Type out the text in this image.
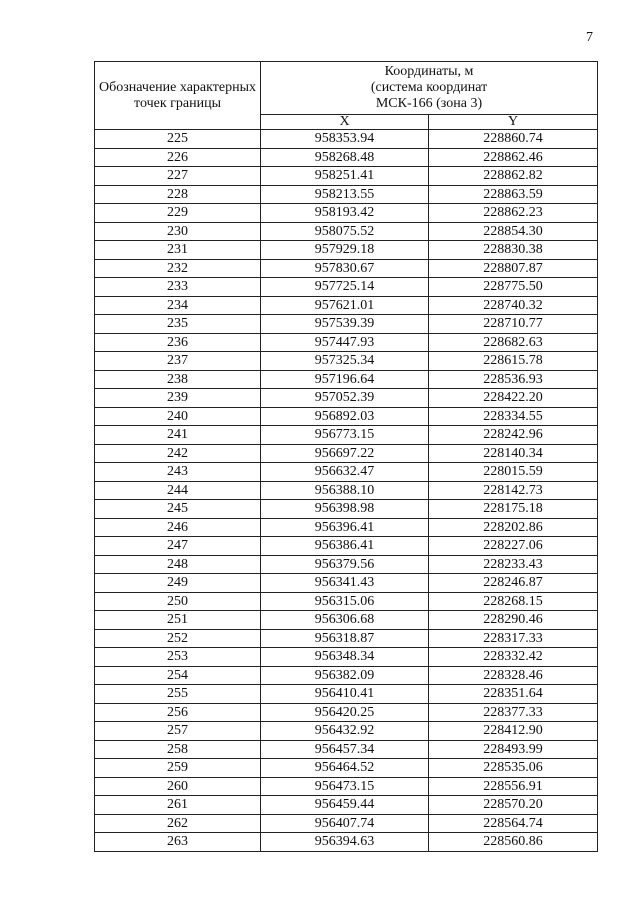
7
Обозначение характерных точек границы	Координаты, м
(система координат
МСК-166 (зона 3)	

	X	Y
225	958353.94	228860.74
226	958268.48	228862.46
227	958251.41	228862.82
228	958213.55	228863.59
229	958193.42	228862.23
230	958075.52	228854.30
231	957929.18	228830.38
232	957830.67	228807.87
233	957725.14	228775.50
234	957621.01	228740.32
235	957539.39	228710.77
236	957447.93	228682.63
237	957325.34	228615.78
238	957196.64	228536.93
239	957052.39	228422.20
240	956892.03	228334.55
241	956773.15	228242.96
242	956697.22	228140.34
243	956632.47	228015.59
244	956388.10	228142.73
245	956398.98	228175.18
246	956396.41	228202.86
247	956386.41	228227.06
248	956379.56	228233.43
249	956341.43	228246.87
250	956315.06	228268.15
251	956306.68	228290.46
252	956318.87	228317.33
253	956348.34	228332.42
254	956382.09	228328.46
255	956410.41	228351.64
256	956420.25	228377.33
257	956432.92	228412.90
258	956457.34	228493.99
259	956464.52	228535.06
260	956473.15	228556.91
261	956459.44	228570.20
262	956407.74	228564.74
263	956394.63	228560.86
